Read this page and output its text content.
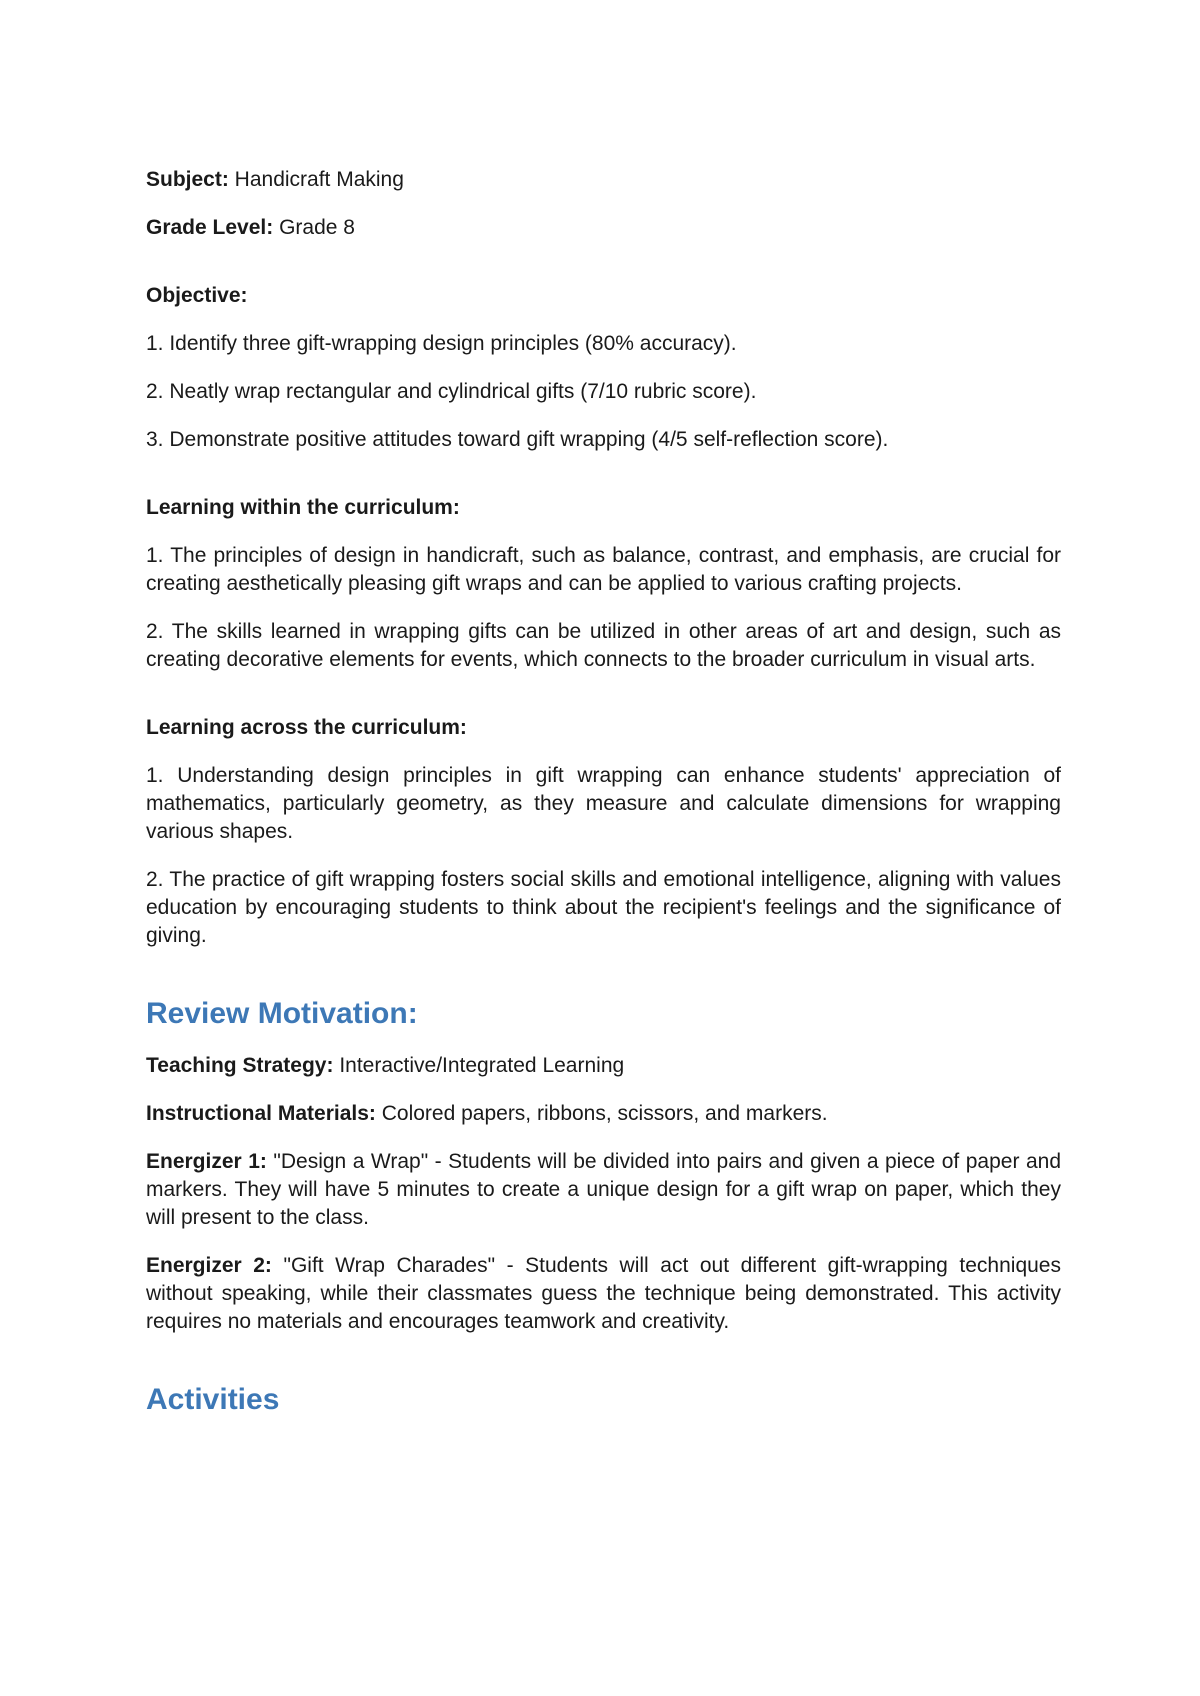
Subject: Handicraft Making

Grade Level: Grade 8

Objective:

1. Identify three gift-wrapping design principles (80% accuracy).

2. Neatly wrap rectangular and cylindrical gifts (7/10 rubric score).

3. Demonstrate positive attitudes toward gift wrapping (4/5 self-reflection score).

Learning within the curriculum:

1. The principles of design in handicraft, such as balance, contrast, and emphasis, are crucial for creating aesthetically pleasing gift wraps and can be applied to various crafting projects.

2. The skills learned in wrapping gifts can be utilized in other areas of art and design, such as creating decorative elements for events, which connects to the broader curriculum in visual arts.

Learning across the curriculum:

1. Understanding design principles in gift wrapping can enhance students' appreciation of mathematics, particularly geometry, as they measure and calculate dimensions for wrapping various shapes.

2. The practice of gift wrapping fosters social skills and emotional intelligence, aligning with values education by encouraging students to think about the recipient's feelings and the significance of giving.

Review Motivation:

Teaching Strategy: Interactive/Integrated Learning

Instructional Materials: Colored papers, ribbons, scissors, and markers.

Energizer 1: "Design a Wrap" - Students will be divided into pairs and given a piece of paper and markers. They will have 5 minutes to create a unique design for a gift wrap on paper, which they will present to the class.

Energizer 2: "Gift Wrap Charades" - Students will act out different gift-wrapping techniques without speaking, while their classmates guess the technique being demonstrated. This activity requires no materials and encourages teamwork and creativity.

Activities
